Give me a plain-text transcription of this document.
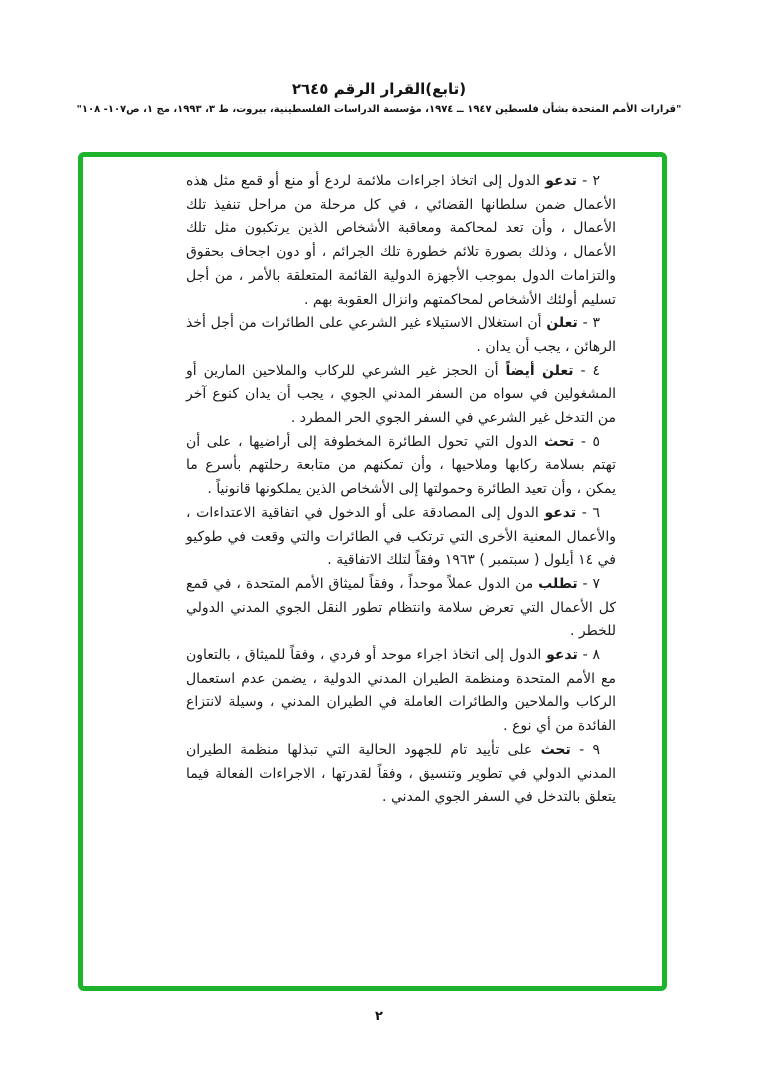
(تابع)القرار الرقم ٢٦٤٥
"قرارات الأمم المتحدة بشأن فلسطين ١٩٤٧ ــ ١٩٧٤، مؤسسة الدراسات الفلسطينية، بيروت، ط ٣، ١٩٩٣، مج ١، ص١٠٧- ١٠٨"

٢ - تدعو الدول إلى اتخاذ اجراءات ملائمة لردع أو منع أو قمع مثل هذه الأعمال ضمن سلطانها القضائي ، في كل مرحلة من مراحل تنفيذ تلك الأعمال ، وأن تعد لمحاكمة ومعاقبة الأشخاص الذين يرتكبون مثل تلك الأعمال ، وذلك بصورة تلائم خطورة تلك الجرائم ، أو دون اجحاف بحقوق والتزامات الدول بموجب الأجهزة الدولية القائمة المتعلقة بالأمر ، من أجل تسليم أولئك الأشخاص لمحاكمتهم وانزال العقوبة بهم .

٣ - تعلن أن استغلال الاستيلاء غير الشرعي على الطائرات من أجل أخذ الرهائن ، يجب أن يدان .

٤ - تعلن أيضاً أن الحجز غير الشرعي للركاب والملاحين المارين أو المشغولين في سواه من السفر المدني الجوي ، يجب أن يدان كنوع آخر من التدخل غير الشرعي في السفر الجوي الحر المطرد .

٥ - تحث الدول التي تحول الطائرة المخطوفة إلى أراضيها ، على أن تهتم بسلامة ركابها وملاحيها ، وأن تمكنهم من متابعة رحلتهم بأسرع ما يمكن ، وأن تعيد الطائرة وحمولتها إلى الأشخاص الذين يملكونها قانونياً .

٦ - تدعو الدول إلى المصادقة على أو الدخول في اتفاقية الاعتداءات ، والأعمال المعنية الأخرى التي ترتكب في الطائرات والتي وقعت في طوكيو في ١٤ أيلول ( سبتمبر ) ١٩٦٣ وفقاً لتلك الاتفاقية .

٧ - تطلب من الدول عملاً موحداً ، وفقاً لميثاق الأمم المتحدة ، في قمع كل الأعمال التي تعرض سلامة وانتظام تطور النقل الجوي المدني الدولي للخطر .

٨ - تدعو الدول إلى اتخاذ اجراء موحد أو فردي ، وفقاً للميثاق ، بالتعاون مع الأمم المتحدة ومنظمة الطيران المدني الدولية ، يضمن عدم استعمال الركاب والملاحين والطائرات العاملة في الطيران المدني ، وسيلة لانتزاع الفائدة من أي نوع .

٩ - تحث على تأييد تام للجهود الحالية التي تبذلها منظمة الطيران المدني الدولي في تطوير وتنسيق ، وفقاً لقدرتها ، الاجراءات الفعالة فيما يتعلق بالتدخل في السفر الجوي المدني .

٢
